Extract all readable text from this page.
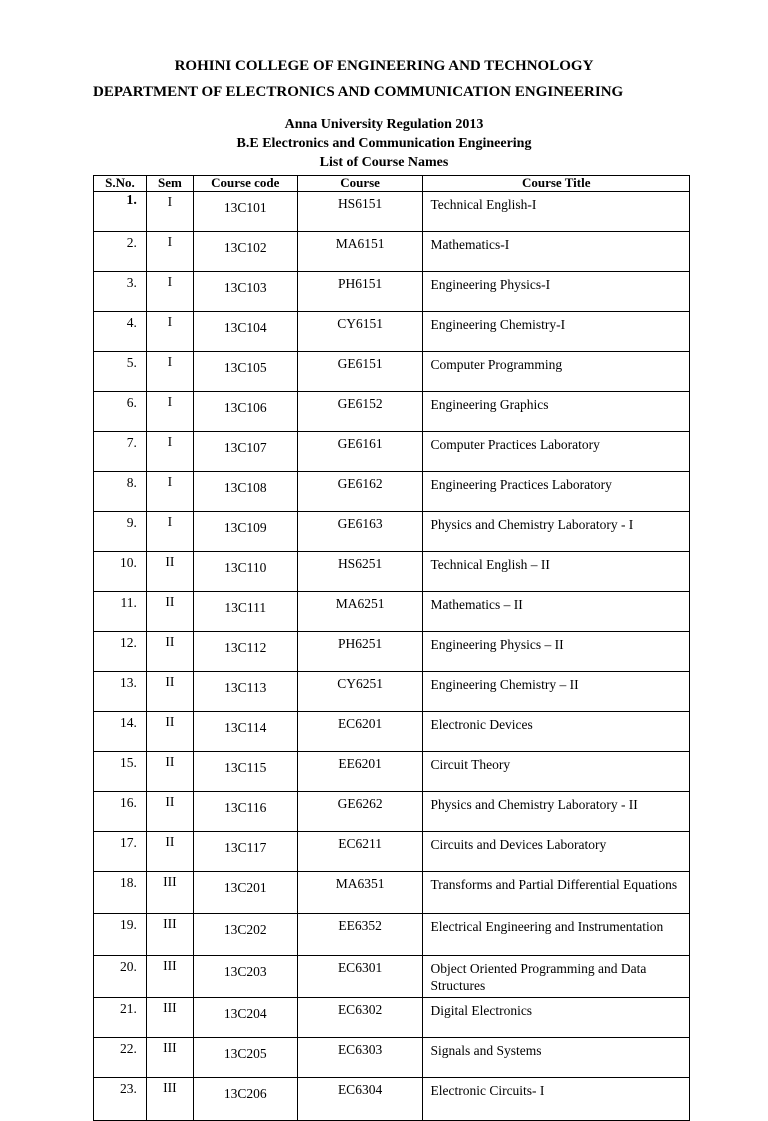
ROHINI COLLEGE OF ENGINEERING AND TECHNOLOGY
DEPARTMENT OF ELECTRONICS AND COMMUNICATION ENGINEERING
Anna University Regulation 2013
B.E Electronics and Communication Engineering
List of Course Names
S.No.	Sem	Course code	Course	Course Title
1.	I	13C101	HS6151	Technical English-I
2.	I	13C102	MA6151	Mathematics-I
3.	I	13C103	PH6151	Engineering Physics-I
4.	I	13C104	CY6151	Engineering Chemistry-I
5.	I	13C105	GE6151	Computer Programming
6.	I	13C106	GE6152	Engineering Graphics
7.	I	13C107	GE6161	Computer Practices Laboratory
8.	I	13C108	GE6162	Engineering Practices Laboratory
9.	I	13C109	GE6163	Physics and Chemistry Laboratory - I
10.	II	13C110	HS6251	Technical English – II
11.	II	13C111	MA6251	Mathematics – II
12.	II	13C112	PH6251	Engineering Physics – II
13.	II	13C113	CY6251	Engineering Chemistry – II
14.	II	13C114	EC6201	Electronic Devices
15.	II	13C115	EE6201	Circuit Theory
16.	II	13C116	GE6262	Physics and Chemistry Laboratory - II
17.	II	13C117	EC6211	Circuits and Devices Laboratory
18.	III	13C201	MA6351	Transforms and Partial Differential Equations
19.	III	13C202	EE6352	Electrical Engineering and Instrumentation
20.	III	13C203	EC6301	Object Oriented Programming and Data Structures
21.	III	13C204	EC6302	Digital Electronics
22.	III	13C205	EC6303	Signals and Systems
23.	III	13C206	EC6304	Electronic Circuits- I
